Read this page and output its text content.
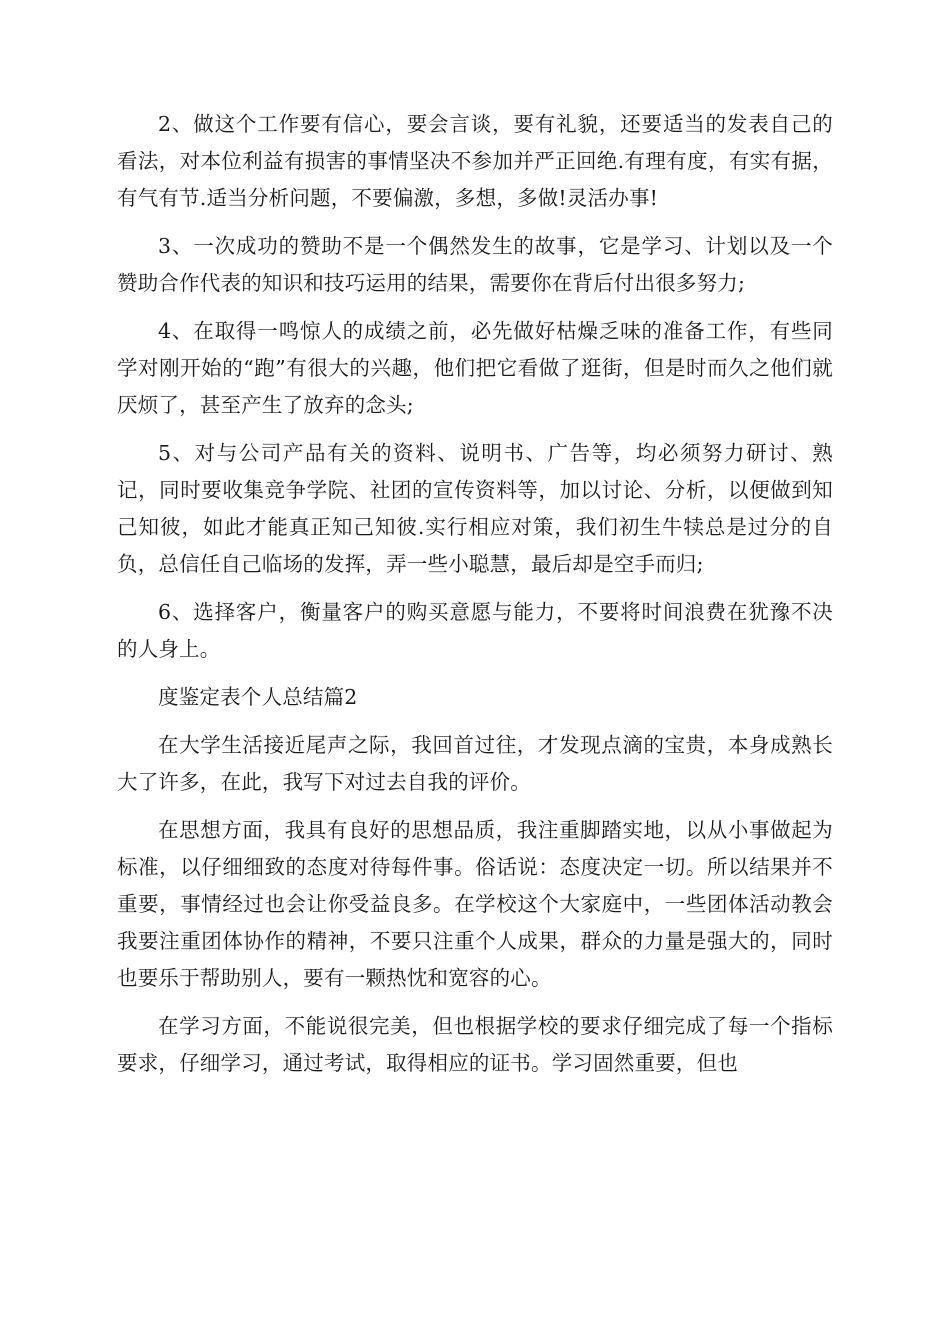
2、做这个工作要有信心，要会言谈，要有礼貌，还要适当的发表自己的看法，对本位利益有损害的事情坚决不参加并严正回绝.有理有度，有实有据，有气有节.适当分析问题，不要偏激，多想，多做!灵活办事!

3、一次成功的赞助不是一个偶然发生的故事，它是学习、计划以及一个赞助合作代表的知识和技巧运用的结果，需要你在背后付出很多努力;

4、在取得一鸣惊人的成绩之前，必先做好枯燥乏味的准备工作，有些同学对刚开始的“跑”有很大的兴趣，他们把它看做了逛街，但是时而久之他们就厌烦了，甚至产生了放弃的念头;

5、对与公司产品有关的资料、说明书、广告等，均必须努力研讨、熟记，同时要收集竞争学院、社团的宣传资料等，加以讨论、分析，以便做到知己知彼，如此才能真正知己知彼.实行相应对策，我们初生牛犊总是过分的自负，总信任自己临场的发挥，弄一些小聪慧，最后却是空手而归;

6、选择客户，衡量客户的购买意愿与能力，不要将时间浪费在犹豫不决的人身上。

度鉴定表个人总结篇2

在大学生活接近尾声之际，我回首过往，才发现点滴的宝贵，本身成熟长大了许多，在此，我写下对过去自我的评价。

在思想方面，我具有良好的思想品质，我注重脚踏实地，以从小事做起为标准，以仔细细致的态度对待每件事。俗话说：态度决定一切。所以结果并不重要，事情经过也会让你受益良多。在学校这个大家庭中，一些团体活动教会我要注重团体协作的精神，不要只注重个人成果，群众的力量是强大的，同时也要乐于帮助别人，要有一颗热忱和宽容的心。

在学习方面，不能说很完美，但也根据学校的要求仔细完成了每一个指标要求，仔细学习，通过考试，取得相应的证书。学习固然重要，但也
